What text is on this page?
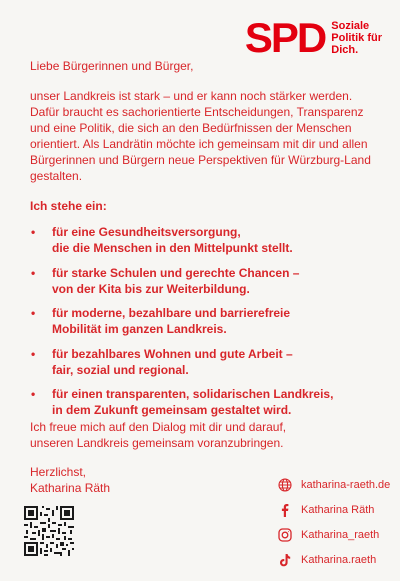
SPD Soziale
Politik für
Dich.
Liebe Bürgerinnen und Bürger,
unser Landkreis ist stark – und er kann noch stärker werden.
Dafür braucht es sachorientierte Entscheidungen, Transparenz
und eine Politik, die sich an den Bedürfnissen der Menschen
orientiert. Als Landrätin möchte ich gemeinsam mit dir und allen
Bürgerinnen und Bürgern neue Perspektiven für Würzburg-Land
gestalten.
Ich stehe ein:
• für eine Gesundheitsversorgung,
die die Menschen in den Mittelpunkt stellt.
• für starke Schulen und gerechte Chancen –
von der Kita bis zur Weiterbildung.
• für moderne, bezahlbare und barrierefreie
Mobilität im ganzen Landkreis.
• für bezahlbares Wohnen und gute Arbeit –
fair, sozial und regional.
• für einen transparenten, solidarischen Landkreis,
in dem Zukunft gemeinsam gestaltet wird.
Ich freue mich auf den Dialog mit dir und darauf,
unseren Landkreis gemeinsam voranzubringen.
Herzlichst,
Katharina Räth	katharina-raeth.de
Katharina Räth
Katharina_raeth
Katharina.raeth
